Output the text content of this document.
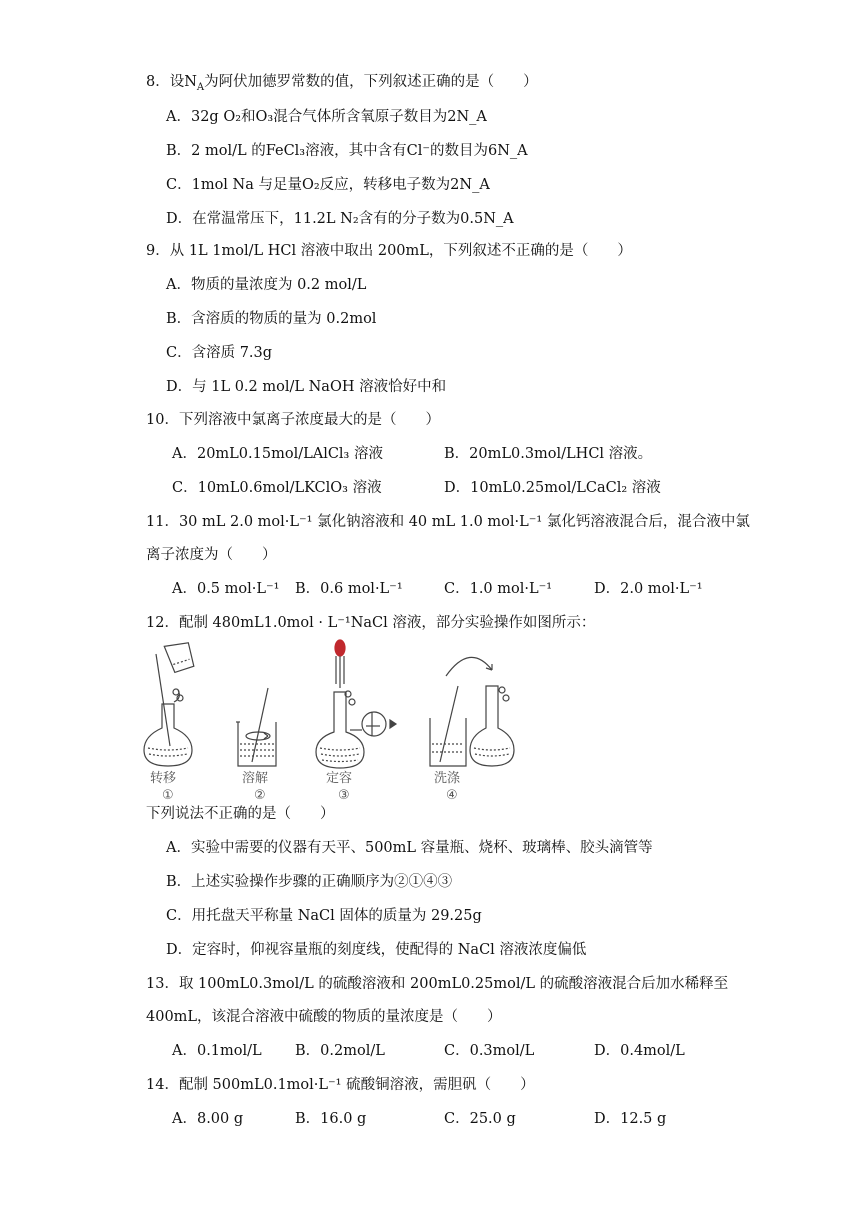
8．设$N_A$为阿伏加德罗常数的值，下列叙述正确的是（　　）
A．32g O₂和O₃混合气体所含氧原子数目为2N_A
B．2 mol/L 的FeCl₃溶液，其中含有Cl⁻的数目为6N_A
C．1mol Na 与足量O₂反应，转移电子数为2N_A
D．在常温常压下，11.2L N₂含有的分子数为0.5N_A
9．从 1L 1mol/L HCl 溶液中取出 200mL，下列叙述不正确的是（　　）
A．物质的量浓度为 0.2 mol/L
B．含溶质的物质的量为 0.2mol
C．含溶质 7.3g
D．与 1L 0.2 mol/L NaOH 溶液恰好中和
10．下列溶液中氯离子浓度最大的是（　　）
A．20mL0.15mol/LAlCl₃ 溶液	B．20mL0.3mol/LHCl 溶液。
C．10mL0.6mol/LKClO₃ 溶液	D．10mL0.25mol/LCaCl₂ 溶液
11．30 mL 2.0 mol·L⁻¹ 氯化钠溶液和 40 mL 1.0 mol·L⁻¹ 氯化钙溶液混合后，混合液中氯
离子浓度为（　　）
A．0.5 mol·L⁻¹ B．0.6 mol·L⁻¹	C．1.0 mol·L⁻¹	D．2.0 mol·L⁻¹
12．配制 480mL1.0mol · L⁻¹NaCl 溶液，部分实验操作如图所示：
转移	溶解	定容	洗涤
①	②	③	④
下列说法不正确的是（　　）
A．实验中需要的仪器有天平、500mL 容量瓶、烧杯、玻璃棒、胶头滴管等
B．上述实验操作步骤的正确顺序为②①④③
C．用托盘天平称量 NaCl 固体的质量为 29.25g
D．定容时，仰视容量瓶的刻度线，使配得的 NaCl 溶液浓度偏低
13．取 100mL0.3mol/L 的硫酸溶液和 200mL0.25mol/L 的硫酸溶液混合后加水稀释至
400mL，该混合溶液中硫酸的物质的量浓度是（　　）
A．0.1mol/L B．0.2mol/L	C．0.3mol/L	D．0.4mol/L
14．配制 500mL0.1mol·L⁻¹ 硫酸铜溶液，需胆矾（　　）
A．8.00 g	B．16.0 g	C．25.0 g	D．12.5 g
